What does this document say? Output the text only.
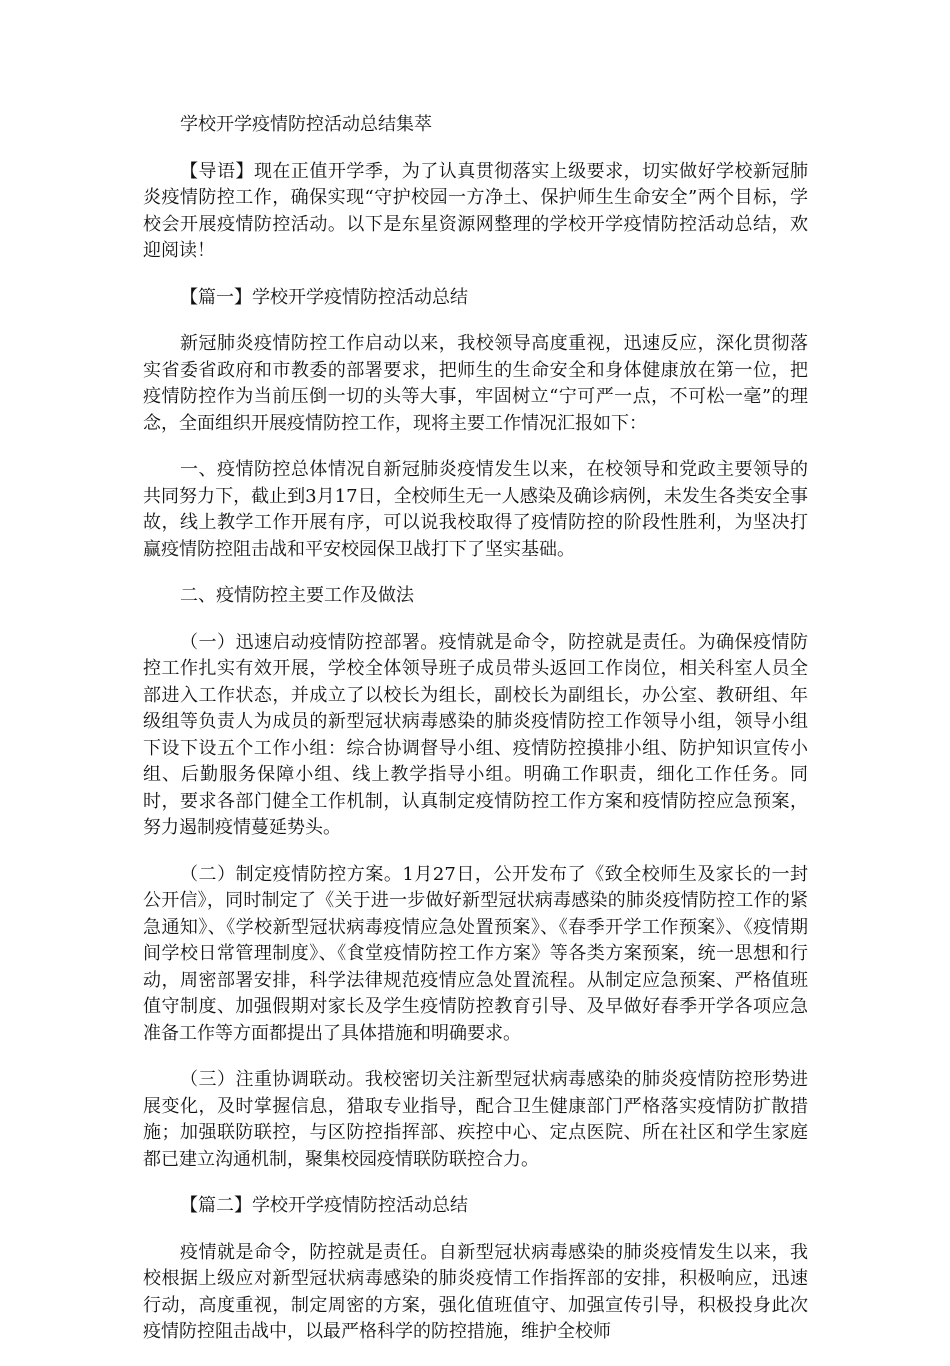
学校开学疫情防控活动总结集萃

【导语】现在正值开学季，为了认真贯彻落实上级要求，切实做好学校新冠肺炎疫情防控工作，确保实现“守护校园一方净土、保护师生生命安全”两个目标，学校会开展疫情防控活动。以下是东星资源网整理的学校开学疫情防控活动总结，欢迎阅读！

【篇一】学校开学疫情防控活动总结

新冠肺炎疫情防控工作启动以来，我校领导高度重视，迅速反应，深化贯彻落实省委省政府和市教委的部署要求，把师生的生命安全和身体健康放在第一位，把疫情防控作为当前压倒一切的头等大事，牢固树立“宁可严一点，不可松一毫”的理念，全面组织开展疫情防控工作，现将主要工作情况汇报如下：

一、疫情防控总体情况自新冠肺炎疫情发生以来，在校领导和党政主要领导的共同努力下，截止到3月17日，全校师生无一人感染及确诊病例，未发生各类安全事故，线上教学工作开展有序，可以说我校取得了疫情防控的阶段性胜利，为坚决打赢疫情防控阻击战和平安校园保卫战打下了坚实基础。

二、疫情防控主要工作及做法

（一）迅速启动疫情防控部署。疫情就是命令，防控就是责任。为确保疫情防控工作扎实有效开展，学校全体领导班子成员带头返回工作岗位，相关科室人员全部进入工作状态，并成立了以校长为组长，副校长为副组长，办公室、教研组、年级组等负责人为成员的新型冠状病毒感染的肺炎疫情防控工作领导小组，领导小组下设下设五个工作小组：综合协调督导小组、疫情防控摸排小组、防护知识宣传小组、后勤服务保障小组、线上教学指导小组。明确工作职责，细化工作任务。同时，要求各部门健全工作机制，认真制定疫情防控工作方案和疫情防控应急预案，努力遏制疫情蔓延势头。

（二）制定疫情防控方案。1月27日，公开发布了《致全校师生及家长的一封公开信》，同时制定了《关于进一步做好新型冠状病毒感染的肺炎疫情防控工作的紧急通知》、《学校新型冠状病毒疫情应急处置预案》、《春季开学工作预案》、《疫情期间学校日常管理制度》、《食堂疫情防控工作方案》等各类方案预案，统一思想和行动，周密部署安排，科学法律规范疫情应急处置流程。从制定应急预案、严格值班值守制度、加强假期对家长及学生疫情防控教育引导、及早做好春季开学各项应急准备工作等方面都提出了具体措施和明确要求。

（三）注重协调联动。我校密切关注新型冠状病毒感染的肺炎疫情防控形势进展变化，及时掌握信息，猎取专业指导，配合卫生健康部门严格落实疫情防扩散措施；加强联防联控，与区防控指挥部、疾控中心、定点医院、所在社区和学生家庭都已建立沟通机制，聚集校园疫情联防联控合力。

【篇二】学校开学疫情防控活动总结

疫情就是命令，防控就是责任。自新型冠状病毒感染的肺炎疫情发生以来，我校根据上级应对新型冠状病毒感染的肺炎疫情工作指挥部的安排，积极响应，迅速行动，高度重视，制定周密的方案，强化值班值守、加强宣传引导，积极投身此次疫情防控阻击战中，以最严格科学的防控措施，维护全校师
